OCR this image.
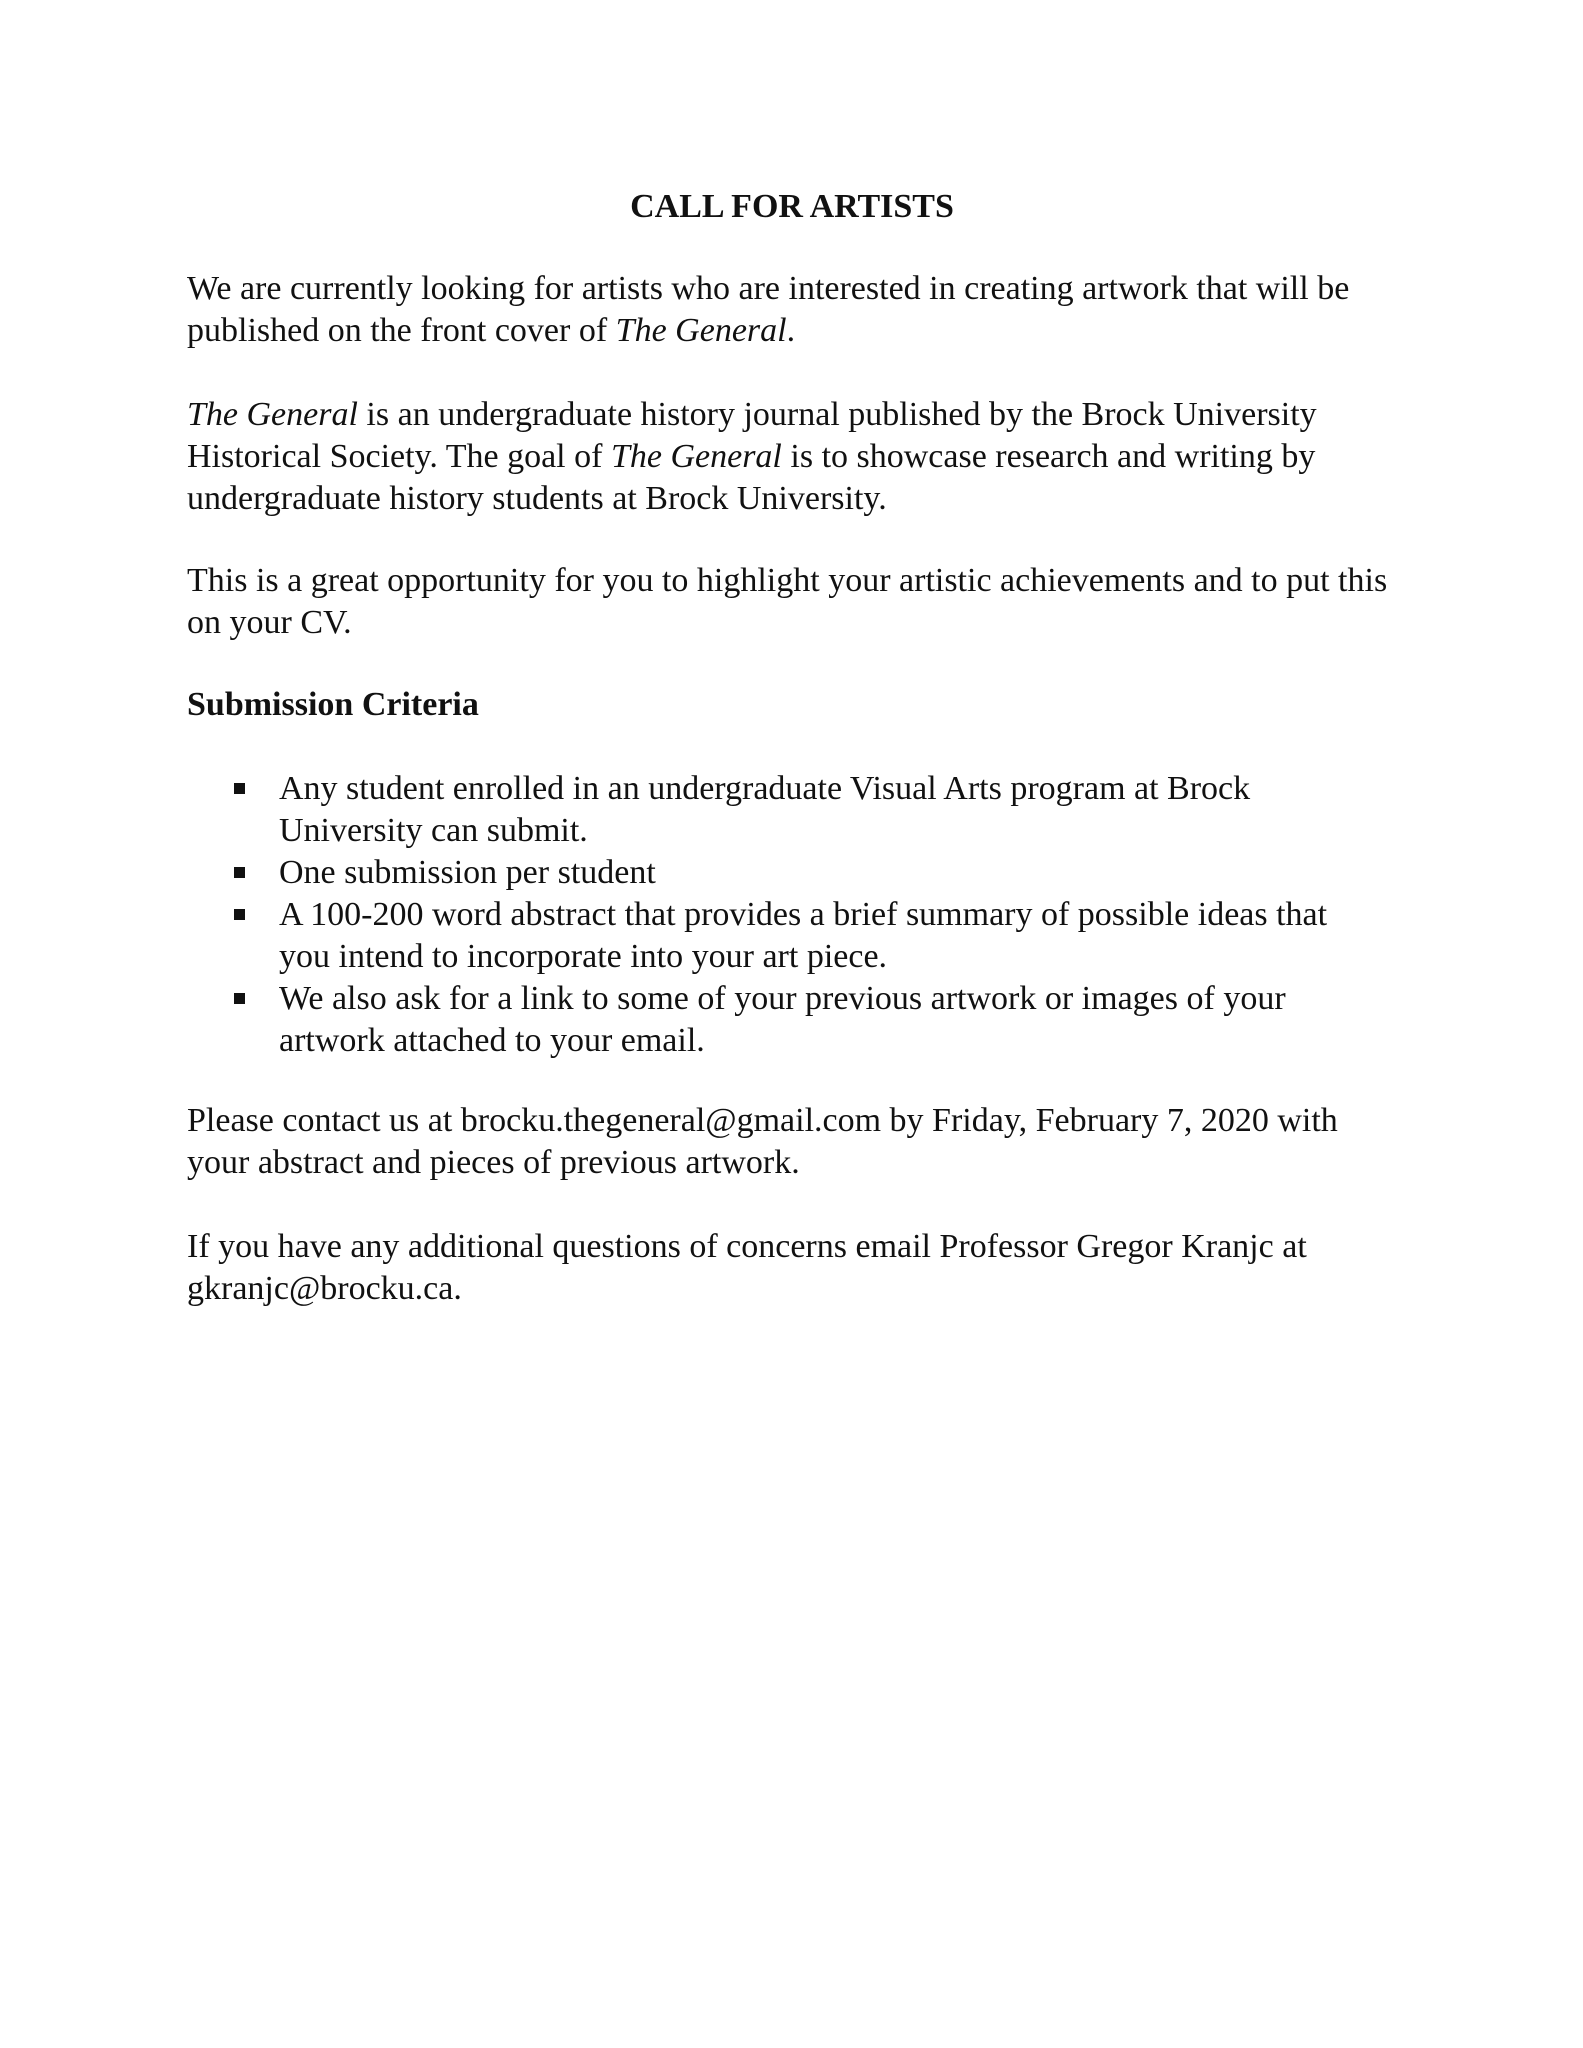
CALL FOR ARTISTS

We are currently looking for artists who are interested in creating artwork that will be published on the front cover of The General.

The General is an undergraduate history journal published by the Brock University Historical Society. The goal of The General is to showcase research and writing by undergraduate history students at Brock University.

This is a great opportunity for you to highlight your artistic achievements and to put this on your CV.

Submission Criteria
Any student enrolled in an undergraduate Visual Arts program at Brock University can submit.
One submission per student
A 100-200 word abstract that provides a brief summary of possible ideas that you intend to incorporate into your art piece.
We also ask for a link to some of your previous artwork or images of your artwork attached to your email.

Please contact us at brocku.thegeneral@gmail.com by Friday, February 7, 2020 with your abstract and pieces of previous artwork.

If you have any additional questions of concerns email Professor Gregor Kranjc at gkranjc@brocku.ca.
